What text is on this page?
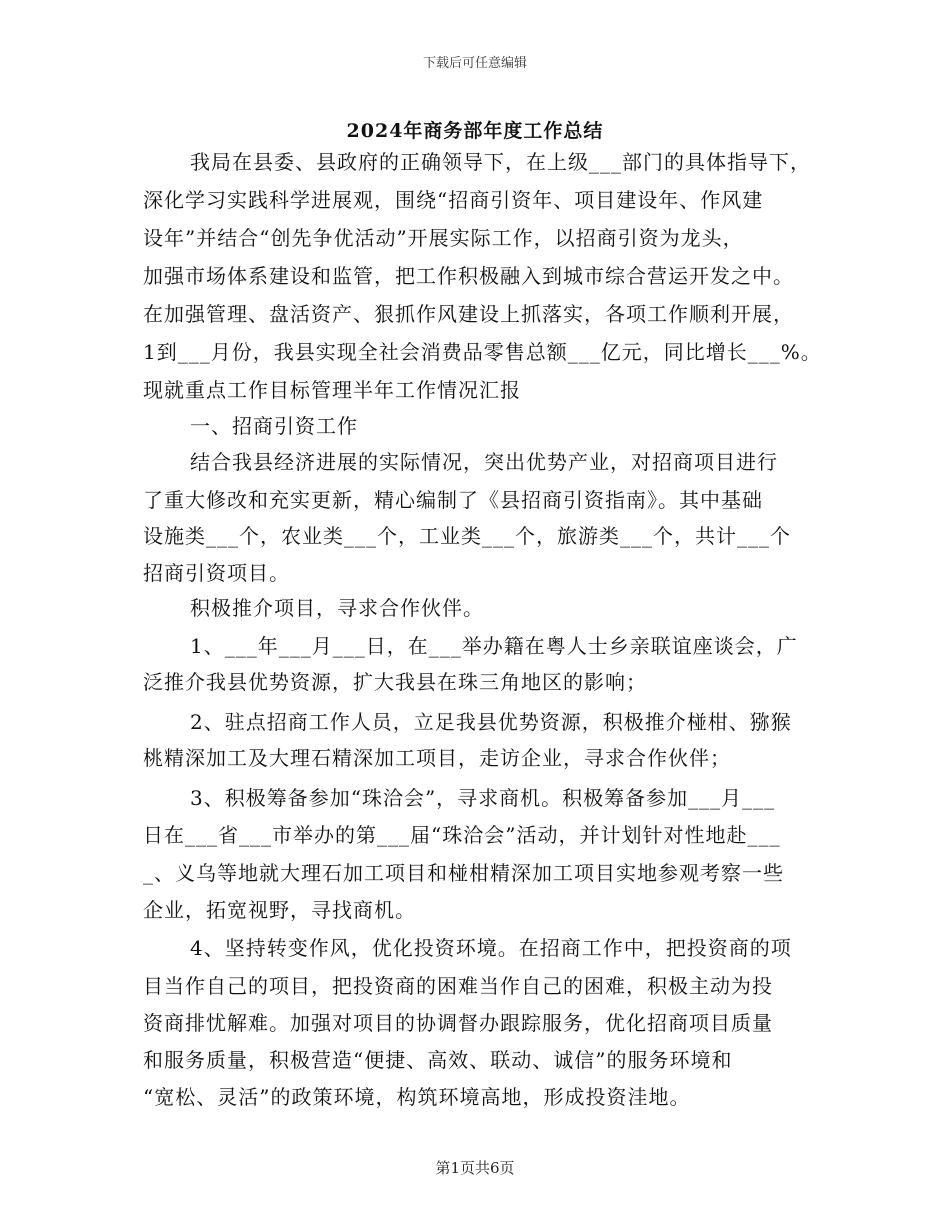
下载后可任意编辑
2024年商务部年度工作总结
我局在县委、县政府的正确领导下，在上级___部门的具体指导下，
深化学习实践科学进展观，围绕“招商引资年、项目建设年、作风建
设年”并结合“创先争优活动”开展实际工作，以招商引资为龙头，
加强市场体系建设和监管，把工作积极融入到城市综合营运开发之中。
在加强管理、盘活资产、狠抓作风建设上抓落实，各项工作顺利开展，
1到___月份，我县实现全社会消费品零售总额___亿元，同比增长___%。
现就重点工作目标管理半年工作情况汇报
一、招商引资工作
结合我县经济进展的实际情况，突出优势产业，对招商项目进行
了重大修改和充实更新，精心编制了《县招商引资指南》。其中基础
设施类___个，农业类___个，工业类___个，旅游类___个，共计___个
招商引资项目。
积极推介项目，寻求合作伙伴。
1、___年___月___日，在___举办籍在粤人士乡亲联谊座谈会，广
泛推介我县优势资源，扩大我县在珠三角地区的影响；
2、驻点招商工作人员，立足我县优势资源，积极推介椪柑、猕猴
桃精深加工及大理石精深加工项目，走访企业，寻求合作伙伴；
3、积极筹备参加“珠洽会”，寻求商机。积极筹备参加___月___
日在___省___市举办的第___届“珠洽会”活动，并计划针对性地赴___
_、义乌等地就大理石加工项目和椪柑精深加工项目实地参观考察一些
企业，拓宽视野，寻找商机。
4、坚持转变作风，优化投资环境。在招商工作中，把投资商的项
目当作自己的项目，把投资商的困难当作自己的困难，积极主动为投
资商排忧解难。加强对项目的协调督办跟踪服务，优化招商项目质量
和服务质量，积极营造“便捷、高效、联动、诚信”的服务环境和
“宽松、灵活”的政策环境，构筑环境高地，形成投资洼地。
第1页共6页
